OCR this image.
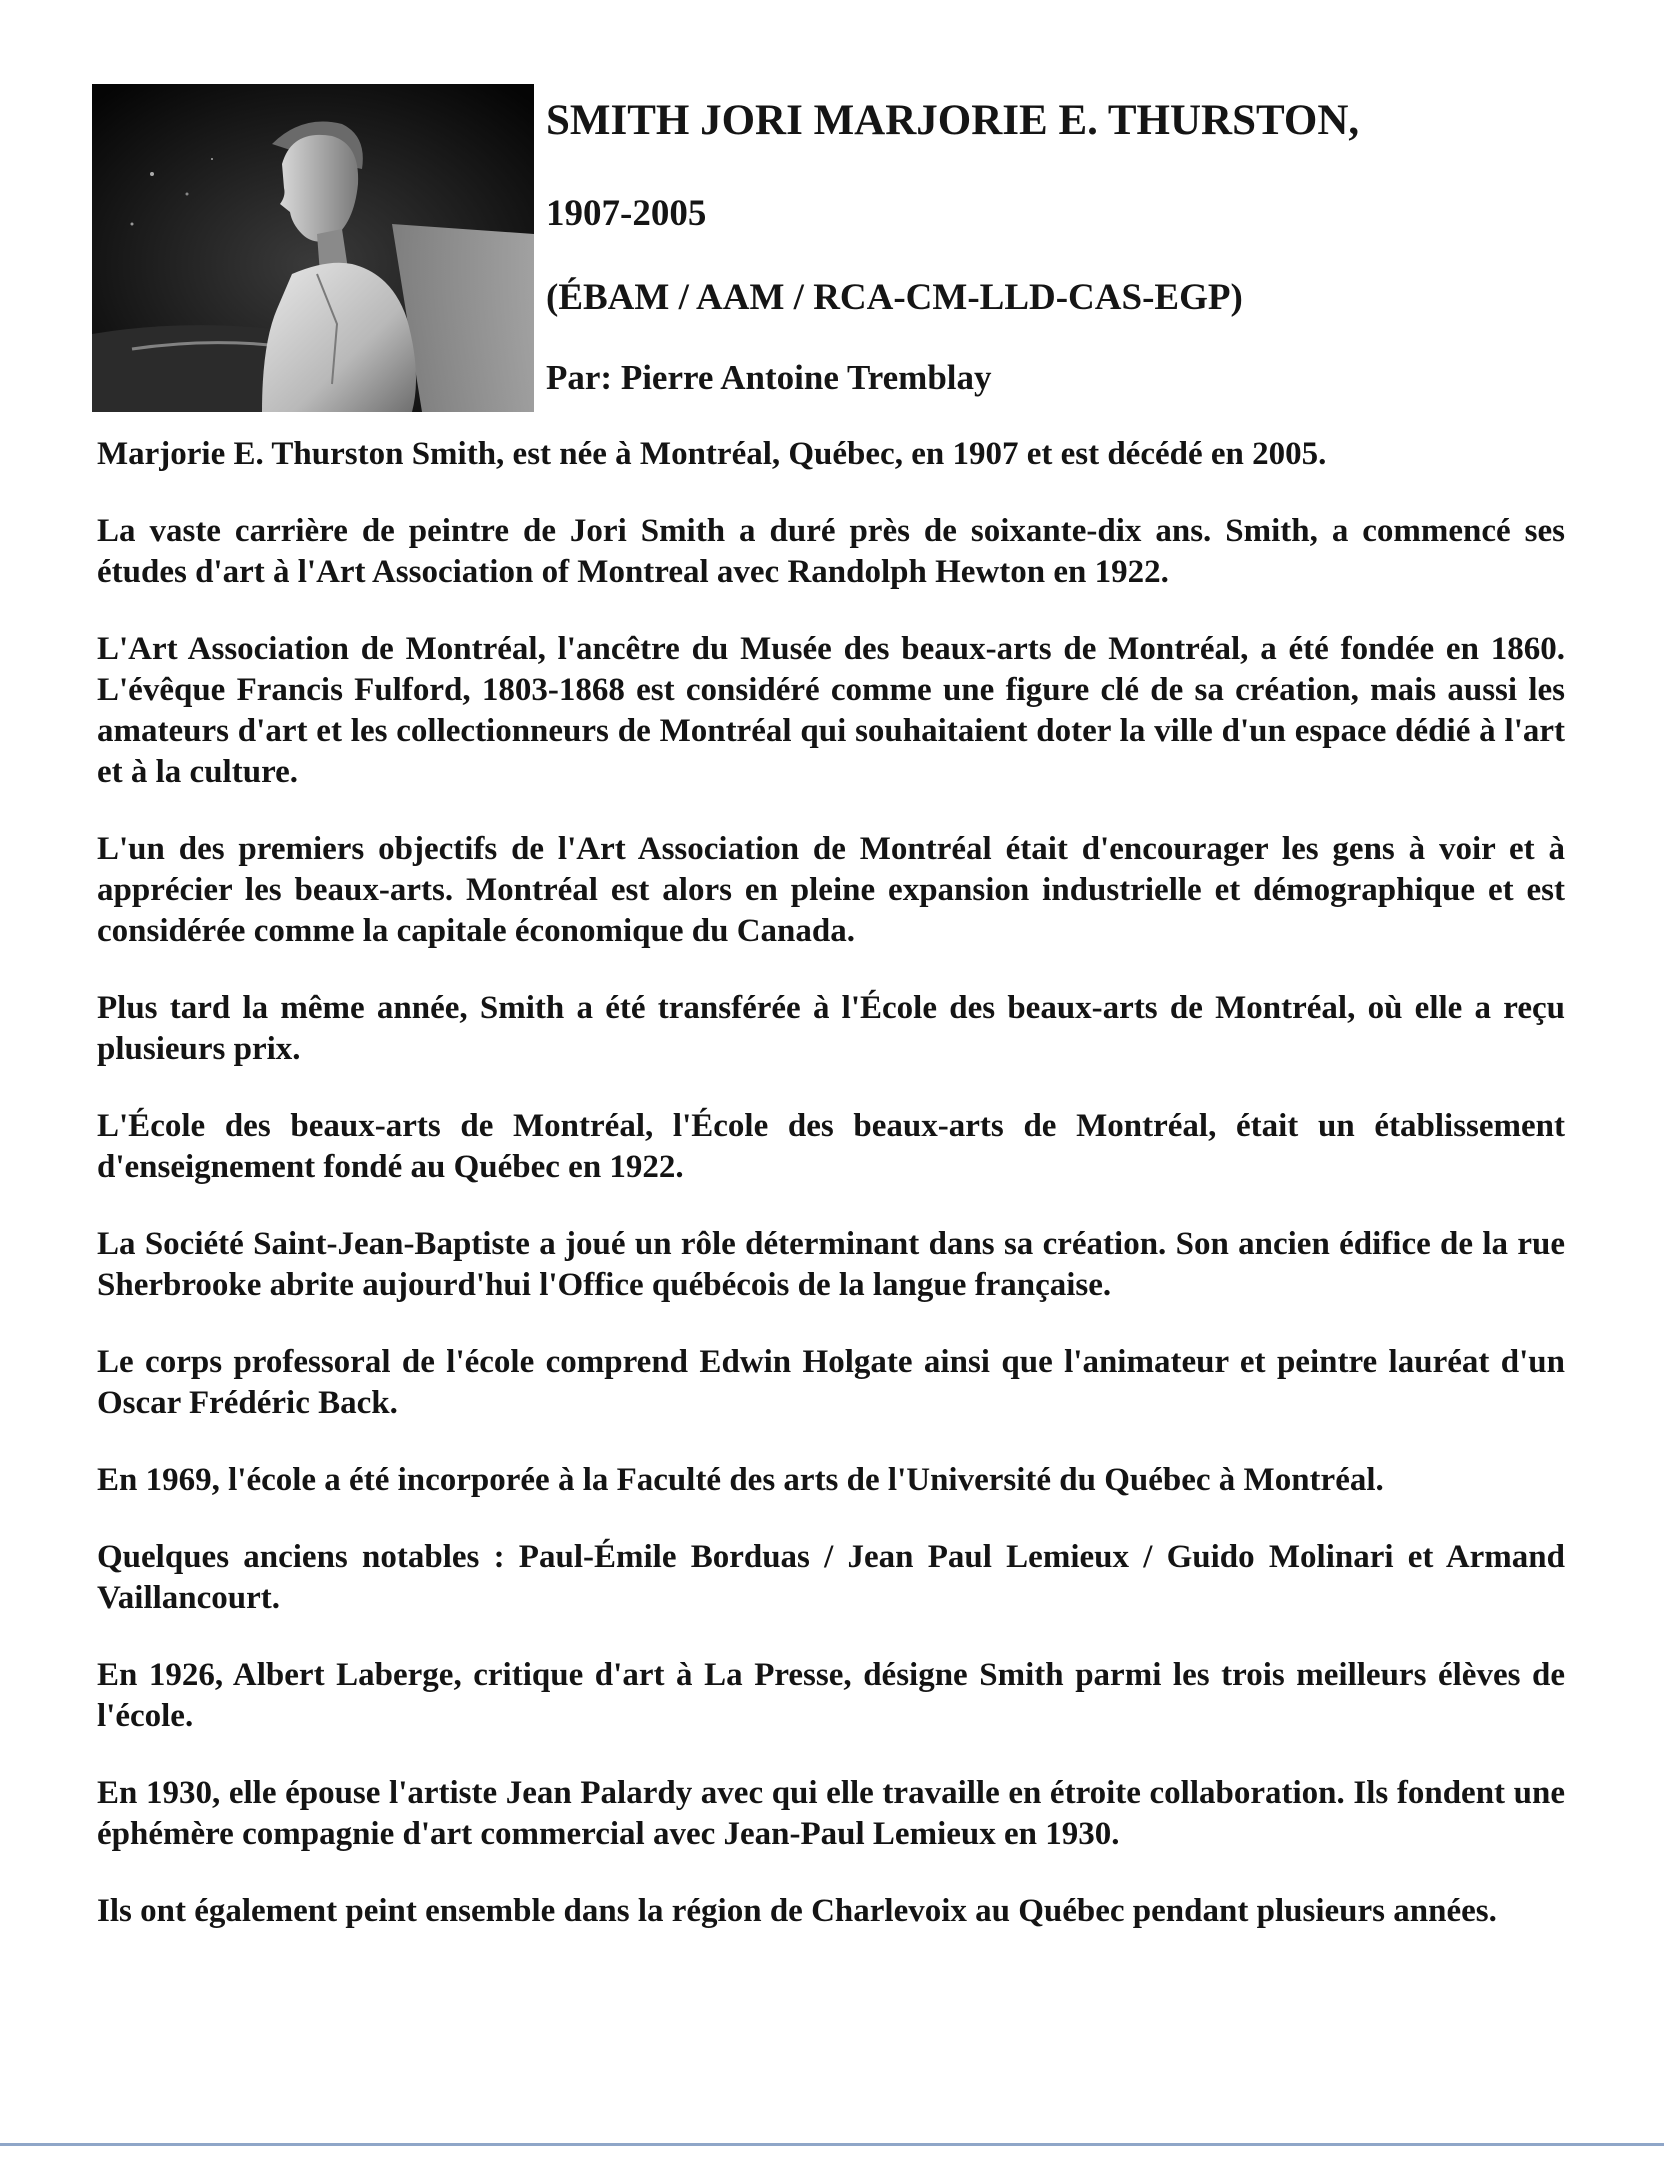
SMITH JORI MARJORIE E. THURSTON,
1907-2005
(ÉBAM / AAM / RCA-CM-LLD-CAS-EGP)
Par: Pierre Antoine Tremblay

Marjorie E. Thurston Smith, est née à Montréal, Québec, en 1907 et est décédé en 2005.

La vaste carrière de peintre de Jori Smith a duré près de soixante-dix ans. Smith, a commencé ses études d'art à l'Art Association of Montreal avec Randolph Hewton en 1922.

L'Art Association de Montréal, l'ancêtre du Musée des beaux-arts de Montréal, a été fondée en 1860. L'évêque Francis Fulford, 1803-1868 est considéré comme une figure clé de sa création, mais aussi les amateurs d'art et les collectionneurs de Montréal qui souhaitaient doter la ville d'un espace dédié à l'art et à la culture.

L'un des premiers objectifs de l'Art Association de Montréal était d'encourager les gens à voir et à apprécier les beaux-arts. Montréal est alors en pleine expansion industrielle et démographique et est considérée comme la capitale économique du Canada.

Plus tard la même année, Smith a été transférée à l'École des beaux-arts de Montréal, où elle a reçu plusieurs prix.

L'École des beaux-arts de Montréal, l'École des beaux-arts de Montréal, était un établissement d'enseignement fondé au Québec en 1922.

La Société Saint-Jean-Baptiste a joué un rôle déterminant dans sa création. Son ancien édifice de la rue Sherbrooke abrite aujourd'hui l'Office québécois de la langue française.

Le corps professoral de l'école comprend Edwin Holgate ainsi que l'animateur et peintre lauréat d'un Oscar Frédéric Back.

En 1969, l'école a été incorporée à la Faculté des arts de l'Université du Québec à Montréal.

Quelques anciens notables : Paul-Émile Borduas / Jean Paul Lemieux / Guido Molinari et Armand Vaillancourt.

En 1926, Albert Laberge, critique d'art à La Presse, désigne Smith parmi les trois meilleurs élèves de l'école.

En 1930, elle épouse l'artiste Jean Palardy avec qui elle travaille en étroite collaboration. Ils fondent une éphémère compagnie d'art commercial avec Jean-Paul Lemieux en 1930.

Ils ont également peint ensemble dans la région de Charlevoix au Québec pendant plusieurs années.
